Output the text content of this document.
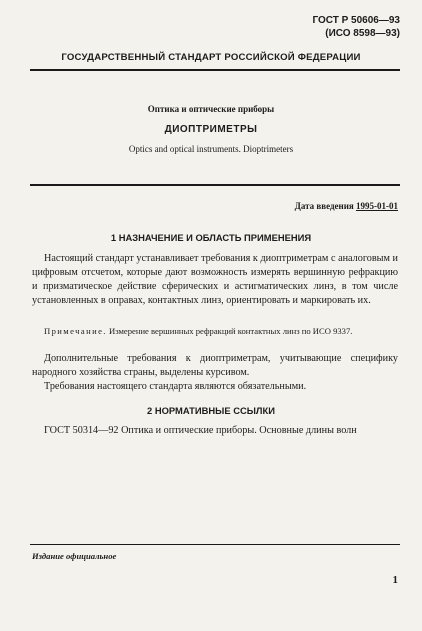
ГОСТ Р 50606—93
(ИСО 8598—93)
ГОСУДАРСТВЕННЫЙ СТАНДАРТ РОССИЙСКОЙ ФЕДЕРАЦИИ
Оптика и оптические приборы
ДИОПТРИМЕТРЫ
Optics and optical instruments. Dioptrimeters
Дата введения 1995-01-01
1 НАЗНАЧЕНИЕ И ОБЛАСТЬ ПРИМЕНЕНИЯ
Настоящий стандарт устанавливает требования к диоптриметрам с аналоговым и цифровым отсчетом, которые дают возможность измерять вершинную рефракцию и призматическое действие сферических и астигматических линз, в том числе установленных в оправах, контактных линз, ориентировать и маркировать их.
Примечание. Измерение вершинных рефракций контактных линз по ИСО 9337.
Дополнительные требования к диоптриметрам, учитывающие специфику народного хозяйства страны, выделены курсивом.
Требования настоящего стандарта являются обязательными.
2 НОРМАТИВНЫЕ ССЫЛКИ
ГОСТ 50314—92 Оптика и оптические приборы. Основные длины волн
Издание официальное
1
